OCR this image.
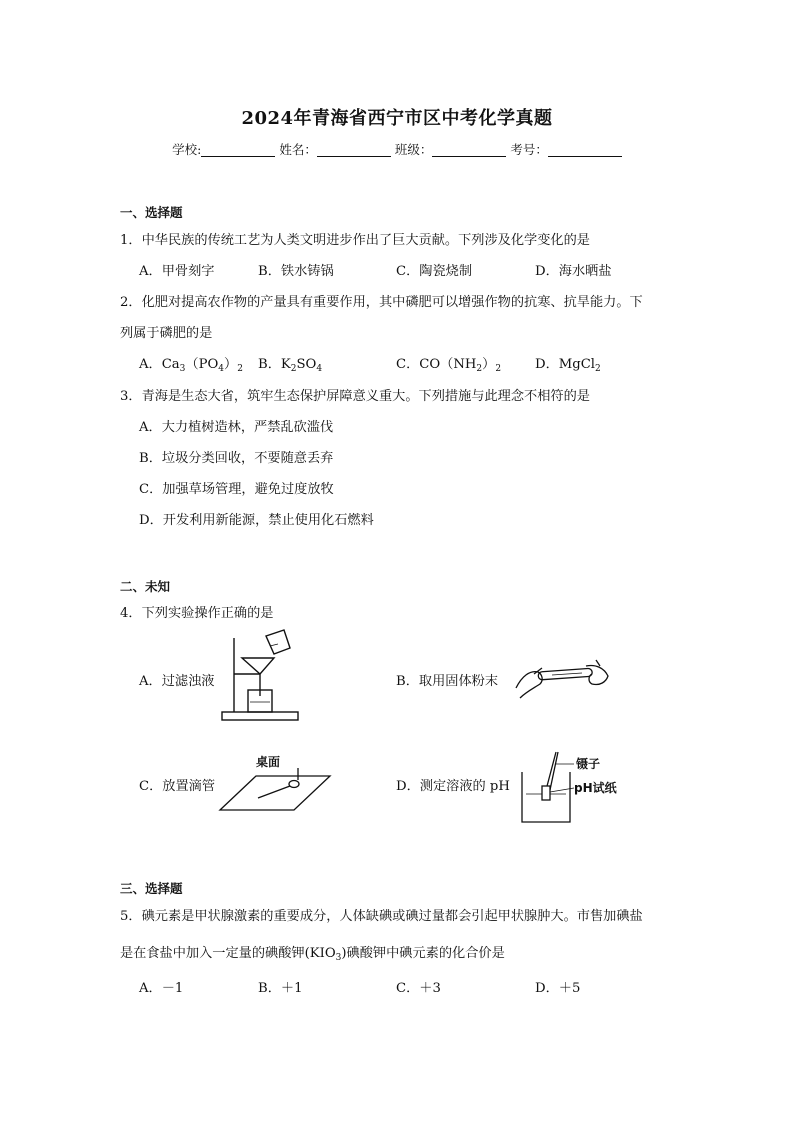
2024年青海省西宁市区中考化学真题
学校:	姓名：	班级：	考号：
一、选择题
1．中华民族的传统工艺为人类文明进步作出了巨大贡献。下列涉及化学变化的是
A．甲骨刻字	B．铁水铸锅	C．陶瓷烧制	D．海水晒盐
2．化肥对提高农作物的产量具有重要作用，其中磷肥可以增强作物的抗寒、抗旱能力。下
列属于磷肥的是
A．$Ca_3(PO_4)_2$ B．$K_2SO_4$	C．$CO(NH_2)_2$	D．MgCl$_2$
3．青海是生态大省，筑牢生态保护屏障意义重大。下列措施与此理念不相符的是
A．大力植树造林，严禁乱砍滥伐
B．垃圾分类回收，不要随意丢弃
C．加强草场管理，避免过度放牧
D．开发利用新能源，禁止使用化石燃料
二、未知
4．下列实验操作正确的是
A．过滤浊液	B．取用固体粉末
C．放置滴管
桌面
D．测定溶液的 pH
镊子
pH试纸
三、选择题
5．碘元素是甲状腺激素的重要成分，人体缺碘或碘过量都会引起甲状腺肿大。市售加碘盐
是在食盐中加入一定量的碘酸钾$(KIO_3)$碘酸钾中碘元素的化合价是
A．－1	B．＋1	C．＋3	D．＋5
